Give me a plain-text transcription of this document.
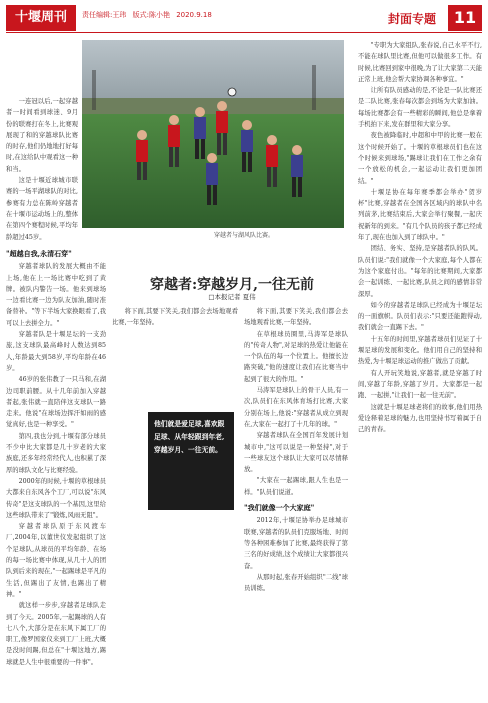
十堰周刊	责任编辑:王玮 版式:陈小艳 2020.9.18	封面专题	11
穿越者与湖风队比赛。
穿越者:穿越岁月,一往无前
□本报记者 夏伟

一连冠以后,一起穿越者一时间看到球迷、9月份的联赛打在冬上,比赛观展现了和的穿越球队比赛的时存,他们仍地地打好每时,在这给队中观看这一种和当。

这是十堰近球城市联赛的一场平湖球队的对比,参赛有力总在陈岭穿越者在十堰市运动场上的,整体在第四个赛程时候,平均年龄超过45岁。

"超越自我,永清石穿"

穿越者球队的发展大概由不能上场,他在上一场比赛中吃到了黄牌。被队内警告一场。他来到球场一边看比赛一边为队友加油,随时准备替补。"等下半场大家换眼看了,我可以上去拼全力。"

穿越者队是十堰足坛的一支劲旅,这支球队最高峰时人数达到85人,年龄最大到58岁,平均年龄在46岁。

46岁的张伟教了一只马和,在湖边司职前腰。从十几年前加入穿越者起,张伟就一直陪伴这支球队一路走来。他说"在球场边挥汗如雨的感觉真好,也是一种享受。"

第四,我也分到,十堰有部分球员不少中比大家都是几十岁老的大家族庭,还多年经常经代人,也积累了深厚的球队文化与比赛经验。

2000年的时候,十堰的草根球员大都来自东风各个工厂,可以说"东风传奇"是这支球队的一个基因,这里给这些球队带来了"锻炼,风雨无阻"。

穿越者球队原于东风渡车厂,2004年,以董世仪发起组织了这个足球队,从球员的平均年龄、在场的每一场比赛中体现,从几十人的团队到后来的现在,"一起踢球是平凡的生活,但踢出了友情,也踢出了精神。"

就这样一步步,穿越者足球队走到了今天。2005年,一起踢球的人有七八个,大部分是在东风下属工厂的职工,像罗国家仪来到工厂上班,大概是没时间踢,但总在"十堰这地方,踢球就是人生中很重要的一件事"。

他们就是爱足球,喜欢跟足球、从年轻跟到年老,穿越岁月、一往无前。

将下面,其要下笑关,我们都会去场地观看比赛,一年坚持。

在草根球员圈里,马涛军是球队的"传奇人物",对足球的热爱让他能在一个队伍的每一个位置上。他擅长边路突破,"他的速度让我们在比赛当中起到了很大的作用。"

马涛军是球队上的骨干人员,有一次,队员们在东风体育场打比赛,大家分别在场上,他说:"穿越者从成立到现在,大家在一起打了十几年的球。"

穿越者球队在全国百年发展计划城市中,"这可以说是一种坚持",对于一些球友这个球队让大家可以尽情释放。

"大家在一起踢球,跟人生也是一样。"队员们说道。

"我们就像一个大家庭"

2012年,十堰足协举办足球城市联赛,穿越者的队员们克服场地、时间等各种困难参加了比赛,最终获得了第三名的好成绩,这个成绩让大家都很兴奋。

从那时起,张春开始组织"二线"球员训练。

"专职为大家组队,张春说,自己水平不行,不能在球队里比赛,但他可以做很多工作。有时候,比赛回到家中很晚,为了让大家第二天能正常上班,他会帮大家协调各种事宜。"

让所有队员感动的是,不论是一队比赛还是二队比赛,张春每次都会到场为大家加油。每场比赛都会有一些精彩的瞬间,他总是拿着手机拍下来,发在群里和大家分享。

夜色被降临时,中超和中甲的比赛一般在这个时候开始了。十堰的草根球员们也在这个时候来到球场,"踢球让我们在工作之余有一个放松的机会,一起运动让我们更加团结。"

十堰足协在每年赛季都会举办"贺岁杯"比赛,穿越者在全国各区域内的球队中名列前茅,比赛结束后,大家会举行聚餐,一起庆祝新年的到来。"有几个队员的孩子都已经成年了,现在也加入到了球队中。"

团结、务实、坚持,是穿越者队的队风。队员们说:"我们就像一个大家庭,每个人都在为这个家庭付出。"每年的比赛期间,大家都会一起训练、一起比赛,队员之间的感情非常深厚。

如今的穿越者足球队已经成为十堰足坛的一面旗帜。队员们表示:"只要还能跑得动,我们就会一直踢下去。"

十五年的时间里,穿越者球员们见证了十堰足球的发展和变化。他们用自己的坚持和热爱,为十堰足球运动的推广做出了贡献。

有人开玩笑地说,穿越者,就是穿越了时间,穿越了年龄,穿越了岁月。大家都是一起跑、一起拼,"让我们一起一往无前"。

这就是十堰足球老将们的故事,他们用热爱诠释着足球的魅力,也用坚持书写着属于自己的青春。

将下面,其要下笑关,我们都会去场地观看比赛,一年坚持。
